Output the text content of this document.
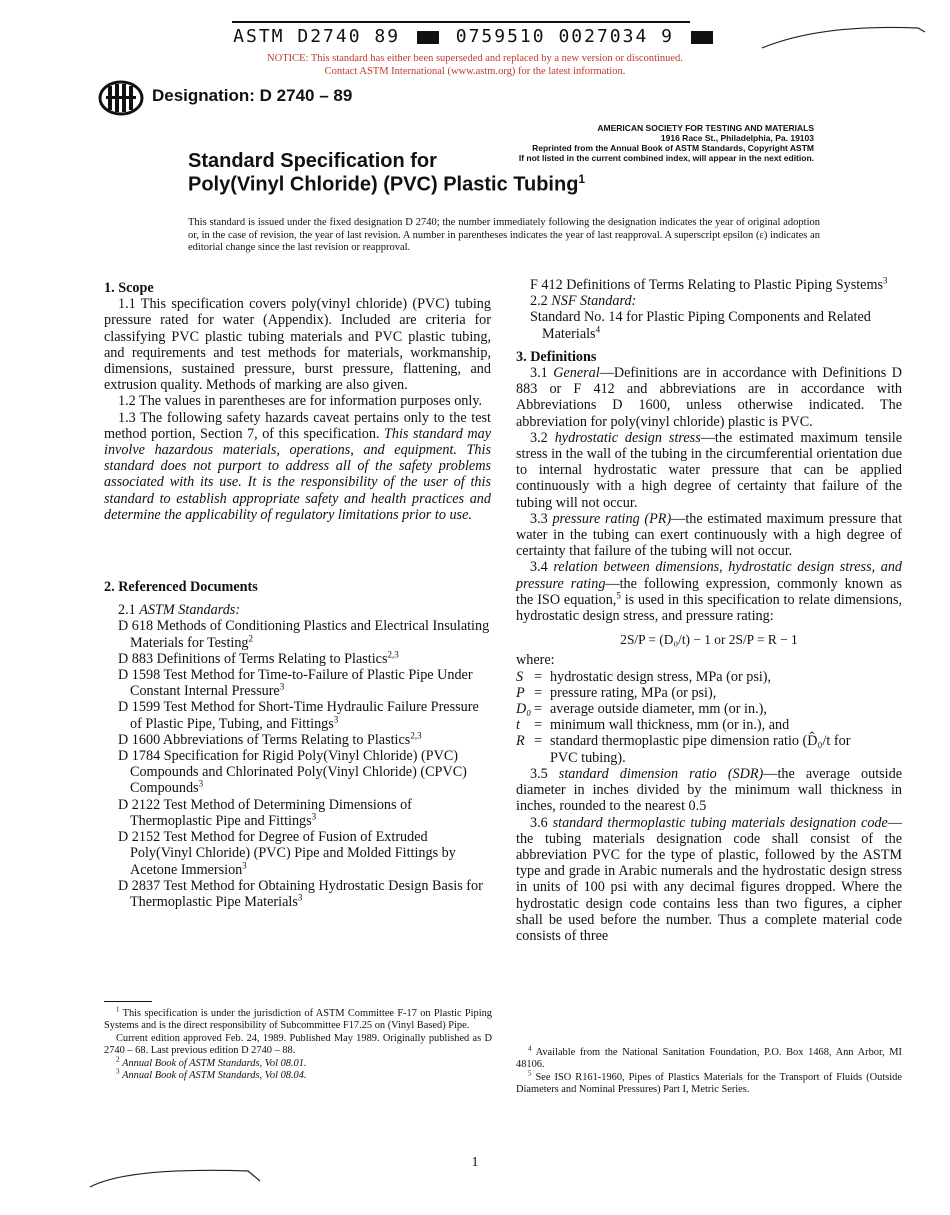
ASTM D2740 89	0759510 0027034 9
NOTICE: This standard has either been superseded and replaced by a new version or discontinued.
Contact ASTM International (www.astm.org) for the latest information.
Designation: D 2740 – 89
AMERICAN SOCIETY FOR TESTING AND MATERIALS
1916 Race St., Philadelphia, Pa. 19103
Reprinted from the Annual Book of ASTM Standards, Copyright ASTM
If not listed in the current combined index, will appear in the next edition.
Standard Specification for
Poly(Vinyl Chloride) (PVC) Plastic Tubing$^1$
This standard is issued under the fixed designation D 2740; the number immediately following the designation indicates the year of original adoption or, in the case of revision, the year of last revision. A number in parentheses indicates the year of last reapproval. A superscript epsilon (ε) indicates an editorial change since the last revision or reapproval.
1. Scope

1.1 This specification covers poly(vinyl chloride) (PVC) tubing pressure rated for water (Appendix). Included are criteria for classifying PVC plastic tubing materials and PVC plastic tubing, and requirements and test methods for materials, workmanship, dimensions, sustained pressure, burst pressure, flattening, and extrusion quality. Methods of marking are also given.

1.2 The values in parentheses are for information purposes only.

1.3 The following safety hazards caveat pertains only to the test method portion, Section 7, of this specification. This standard may involve hazardous materials, operations, and equipment. This standard does not purport to address all of the safety problems associated with its use. It is the responsibility of the user of this standard to establish appropriate safety and health practices and determine the applicability of regulatory limitations prior to use.

2. Referenced Documents

2.1 ASTM Standards:

D 618 Methods of Conditioning Plastics and Electrical Insulating Materials for Testing$^2$

D 883 Definitions of Terms Relating to Plastics$^{2,3}$

D 1598 Test Method for Time-to-Failure of Plastic Pipe Under Constant Internal Pressure$^3$

D 1599 Test Method for Short-Time Hydraulic Failure Pressure of Plastic Pipe, Tubing, and Fittings$^3$

D 1600 Abbreviations of Terms Relating to Plastics$^{2,3}$

D 1784 Specification for Rigid Poly(Vinyl Chloride) (PVC) Compounds and Chlorinated Poly(Vinyl Chloride) (CPVC) Compounds$^3$

D 2122 Test Method of Determining Dimensions of Thermoplastic Pipe and Fittings$^3$

D 2152 Test Method for Degree of Fusion of Extruded Poly(Vinyl Chloride) (PVC) Pipe and Molded Fittings by Acetone Immersion$^3$

D 2837 Test Method for Obtaining Hydrostatic Design Basis for Thermoplastic Pipe Materials$^3$

F 412 Definitions of Terms Relating to Plastic Piping Systems$^3$

2.2 NSF Standard:

Standard No. 14 for Plastic Piping Components and Related Materials$^4$

3. Definitions

3.1 General—Definitions are in accordance with Definitions D 883 or F 412 and abbreviations are in accordance with Abbreviations D 1600, unless otherwise indicated. The abbreviation for poly(vinyl chloride) plastic is PVC.

3.2 hydrostatic design stress—the estimated maximum tensile stress in the wall of the tubing in the circumferential orientation due to internal hydrostatic water pressure that can be applied continuously with a high degree of certainty that failure of the tubing will not occur.

3.3 pressure rating (PR)—the estimated maximum pressure that water in the tubing can exert continuously with a high degree of certainty that failure of the tubing will not occur.

3.4 relation between dimensions, hydrostatic design stress, and pressure rating—the following expression, commonly known as the ISO equation,$^5$ is used in this specification to relate dimensions, hydrostatic design stress, and pressure rating:

2S/P = (D₀/t) − 1 or 2S/P = R − 1

where:

S = hydrostatic design stress, MPa (or psi),
P = pressure rating, MPa (or psi),
D₀ = average outside diameter, mm (or in.),
t = minimum wall thickness, mm (or in.), and
R = standard thermoplastic pipe dimension ratio (D̂₀/t for
PVC tubing).

3.5 standard dimension ratio (SDR)—the average outside diameter in inches divided by the minimum wall thickness in inches, rounded to the nearest 0.5

3.6 standard thermoplastic tubing materials designation code—the tubing materials designation code shall consist of the abbreviation PVC for the type of plastic, followed by the ASTM type and grade in Arabic numerals and the hydrostatic design stress in units of 100 psi with any decimal figures dropped. Where the hydrostatic design code contains less than two figures, a cipher shall be used before the number. Thus a complete material code consists of three

$^1$ This specification is under the jurisdiction of ASTM Committee F-17 on Plastic Piping Systems and is the direct responsibility of Subcommittee F17.25 on (Vinyl Based) Pipe.
Current edition approved Feb. 24, 1989. Published May 1989. Originally published as D 2740 – 68. Last previous edition D 2740 – 88.
$^2$ Annual Book of ASTM Standards, Vol 08.01.
$^3$ Annual Book of ASTM Standards, Vol 08.04.
$^4$ Available from the National Sanitation Foundation, P.O. Box 1468, Ann Arbor, MI 48106.
$^5$ See ISO R161-1960, Pipes of Plastics Materials for the Transport of Fluids (Outside Diameters and Nominal Pressures) Part I, Metric Series.
1
